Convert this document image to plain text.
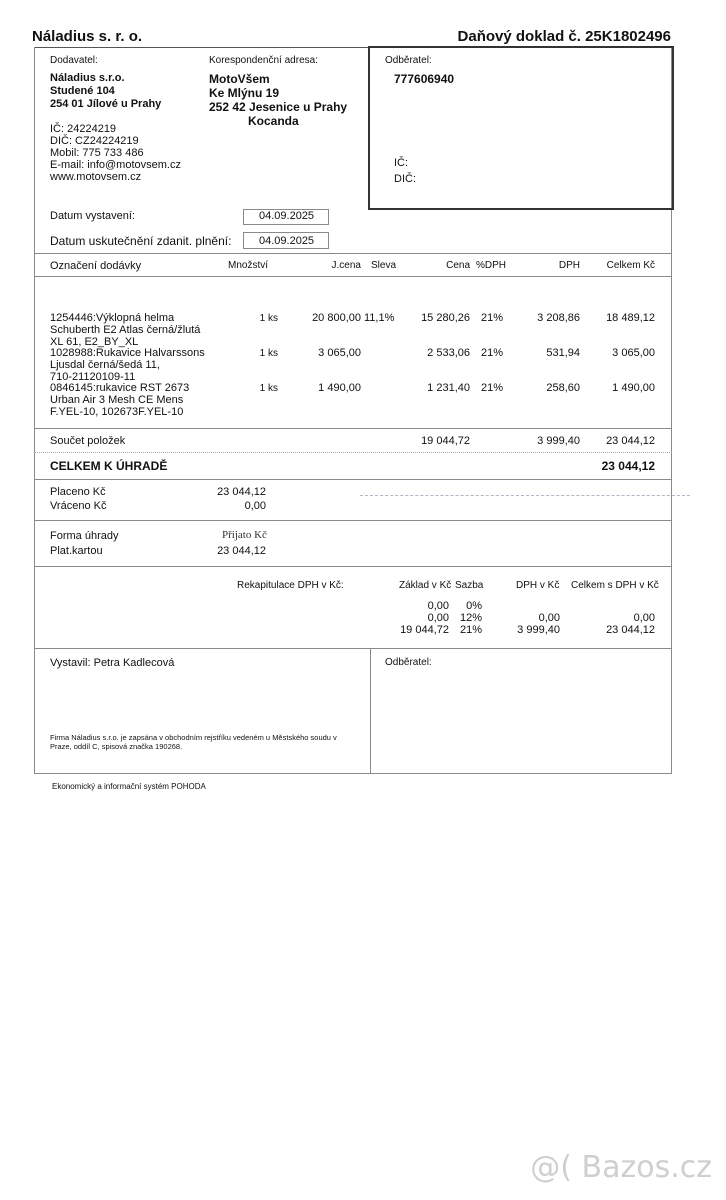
Náladius s. r. o.	Daňový doklad č. 25K1802496
Dodavatel:
Náladius s.r.o.
Studené 104
254 01 Jílové u Prahy
IČ: 24224219
DIČ: CZ24224219
Mobil: 775 733 486
E-mail: info@motovsem.cz
www.motovsem.cz
Korespondenční adresa:
MotoVšem
Ke Mlýnu 19
252 42 Jesenice u Prahy
Kocanda
Odběratel:
777606940
IČ:
DIČ:
Datum vystavení:	04.09.2025
Datum uskutečnění zdanit. plnění:	04.09.2025
Označení dodávky	Množství	J.cena Sleva	Cena %DPH	DPH	Celkem Kč
1254446:Výklopná helma
Schuberth E2 Atlas černá/žlutá
XL 61, E2_BY_XL
1 ks	20 800,00 11,1% 15 280,26 21%	3 208,86 18 489,12
1028988:Rukavice Halvarssons
Ljusdal černá/šedá 11,
710-21120109-11
1 ks	3 065,00	2 533,06 21%	531,94	3 065,00
0846145:rukavice RST 2673
Urban Air 3 Mesh CE Mens
F.YEL-10, 102673F.YEL-10
1 ks	1 490,00	1 231,40 21%	258,60	1 490,00
Součet položek	19 044,72	3 999,40 23 044,12
CELKEM K ÚHRADĚ	23 044,12
Placeno Kč	23 044,12
Vráceno Kč	0,00
Forma úhrady	Přijato Kč
Plat.kartou	23 044,12
Rekapitulace DPH v Kč:	Základ v Kč Sazba	DPH v Kč Celkem s DPH v Kč
0,00 0%
0,00 12%	0,00	0,00
19 044,72 21%	3 999,40	23 044,12
Vystavil: Petra Kadlecová	Odběratel:
Firma Náladius s.r.o. je zapsána v obchodním rejstříku vedeném u Městského soudu v
Praze, oddíl C, spisová značka 190268.
Ekonomický a informační systém POHODA
@( Bazos.cz
